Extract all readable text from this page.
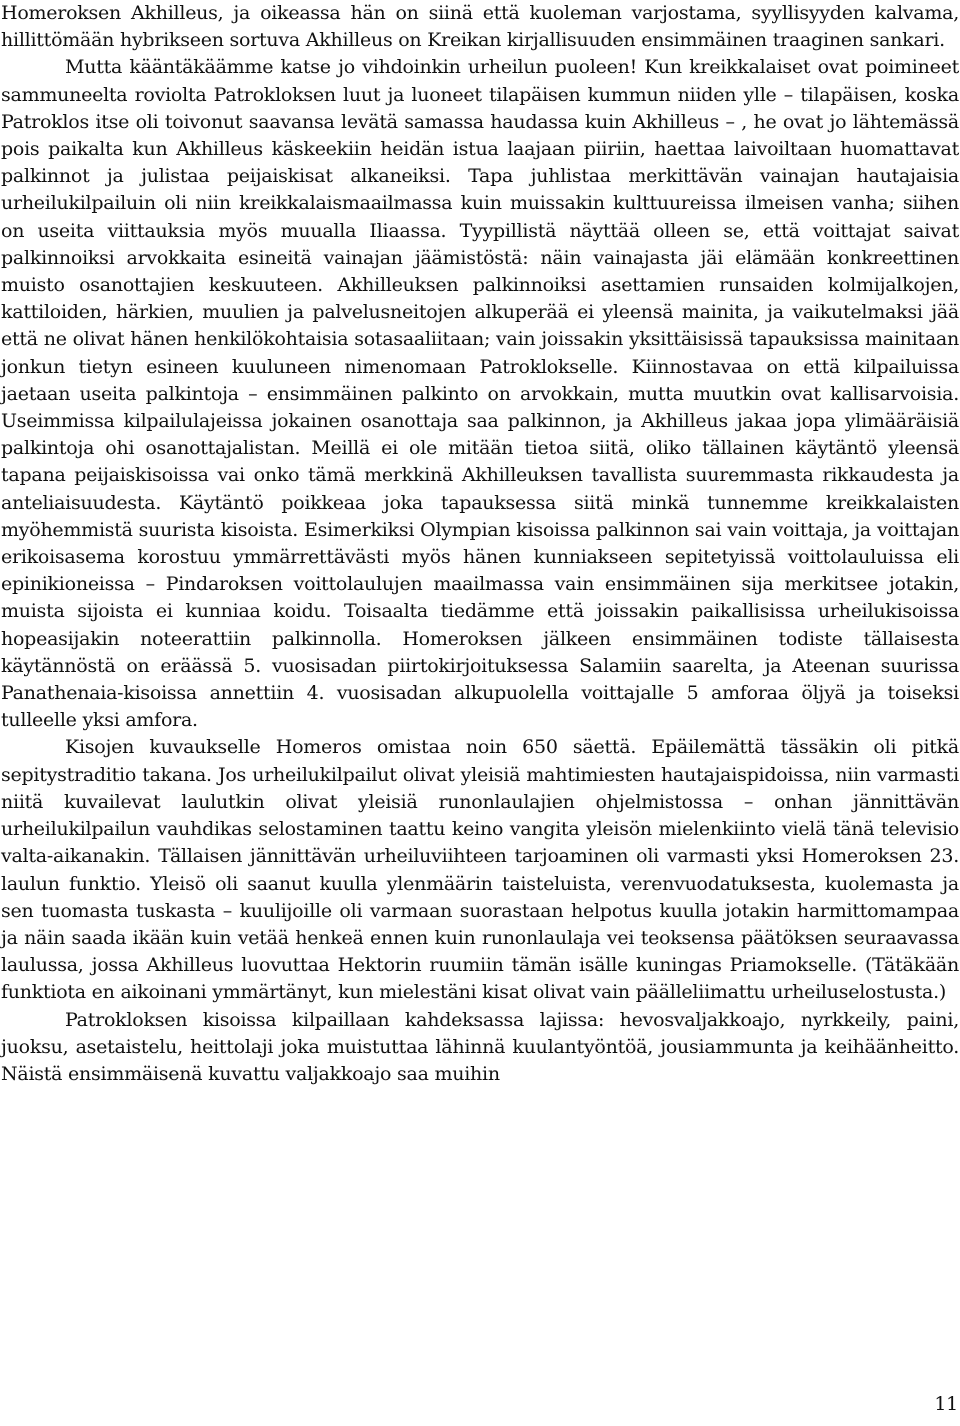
Homeroksen Akhilleus, ja oikeassa hän on siinä että kuoleman varjostama, syyllisyyden kalvama, hillittömään hybrikseen sortuva Akhilleus on Kreikan kirjallisuuden ensimmäinen traaginen sankari.

Mutta kääntäkäämme katse jo vihdoinkin urheilun puoleen! Kun kreikkalaiset ovat poimineet sammuneelta roviolta Patrokloksen luut ja luoneet tilapäisen kummun niiden ylle – tilapäisen, koska Patroklos itse oli toivonut saavansa levätä samassa haudassa kuin Akhilleus – , he ovat jo lähtemässä pois paikalta kun Akhilleus käskeekiin heidän istua laajaan piiriin, haettaa laivoiltaan huomattavat palkinnot ja julistaa peijaiskisat alkaneiksi. Tapa juhlistaa merkittävän vainajan hautajaisia urheilukilpailuin oli niin kreikkalaismaailmassa kuin muissakin kulttuureissa ilmeisen vanha; siihen on useita viittauksia myös muualla Iliaassa. Tyypillistä näyttää olleen se, että voittajat saivat palkinnoiksi arvokkaita esineitä vainajan jäämistöstä: näin vainajasta jäi elämään konkreettinen muisto osanottajien keskuuteen. Akhilleuksen palkinnoiksi asettamien runsaiden kolmijalkojen, kattiloiden, härkien, muulien ja palvelusneitojen alkuperää ei yleensä mainita, ja vaikutelmaksi jää että ne olivat hänen henkilökohtaisia sotasaaliitaan; vain joissakin yksittäisissä tapauksissa mainitaan jonkun tietyn esineen kuuluneen nimenomaan Patroklokselle. Kiinnostavaa on että kilpailuissa jaetaan useita palkintoja – ensimmäinen palkinto on arvokkain, mutta muutkin ovat kallisarvoisia. Useimmissa kilpailulajeissa jokainen osanottaja saa palkinnon, ja Akhilleus jakaa jopa ylimääräisiä palkintoja ohi osanottajalistan. Meillä ei ole mitään tietoa siitä, oliko tällainen käytäntö yleensä tapana peijaiskisoissa vai onko tämä merkkinä Akhilleuksen tavallista suuremmasta rikkaudesta ja anteliaisuudesta. Käytäntö poikkeaa joka tapauksessa siitä minkä tunnemme kreikkalaisten myöhemmistä suurista kisoista. Esimerkiksi Olympian kisoissa palkinnon sai vain voittaja, ja voittajan erikoisasema korostuu ymmärrettävästi myös hänen kunniakseen sepitetyissä voittolauluissa eli epinikioneissa – Pindaroksen voittolaulujen maailmassa vain ensimmäinen sija merkitsee jotakin, muista sijoista ei kunniaa koidu. Toisaalta tiedämme että joissakin paikallisissa urheilukisoissa hopeasijakin noteerattiin palkinnolla. Homeroksen jälkeen ensimmäinen todiste tällaisesta käytännöstä on eräässä 5. vuosisadan piirtokirjoituksessa Salamiin saarelta, ja Ateenan suurissa Panathenaia-kisoissa annettiin 4. vuosisadan alkupuolella voittajalle 5 amforaa öljyä ja toiseksi tulleelle yksi amfora.

Kisojen kuvaukselle Homeros omistaa noin 650 säettä. Epäilemättä tässäkin oli pitkä sepitystraditio takana. Jos urheilukilpailut olivat yleisiä mahtimiesten hautajaispidoissa, niin varmasti niitä kuvailevat laulutkin olivat yleisiä runonlaulajien ohjelmistossa – onhan jännittävän urheilukilpailun vauhdikas selostaminen taattu keino vangita yleisön mielenkiinto vielä tänä televisio valta-aikanakin. Tällaisen jännittävän urheiluviihteen tarjoaminen oli varmasti yksi Homeroksen 23. laulun funktio. Yleisö oli saanut kuulla ylenmäärin taisteluista, verenvuodatuksesta, kuolemasta ja sen tuomasta tuskasta – kuulijoille oli varmaan suorastaan helpotus kuulla jotakin harmittomampaa ja näin saada ikään kuin vetää henkeä ennen kuin runonlaulaja vei teoksensa päätöksen seuraavassa laulussa, jossa Akhilleus luovuttaa Hektorin ruumiin tämän isälle kuningas Priamokselle. (Tätäkään funktiota en aikoinani ymmärtänyt, kun mielestäni kisat olivat vain päälleliimattu urheiluselostusta.)

Patrokloksen kisoissa kilpaillaan kahdeksassa lajissa: hevosvaljakkoajo, nyrkkeily, paini, juoksu, asetaistelu, heittolaji joka muistuttaa lähinnä kuulantyöntöä, jousiammunta ja keihäänheitto. Näistä ensimmäisenä kuvattu valjakkoajo saa muihin

11
